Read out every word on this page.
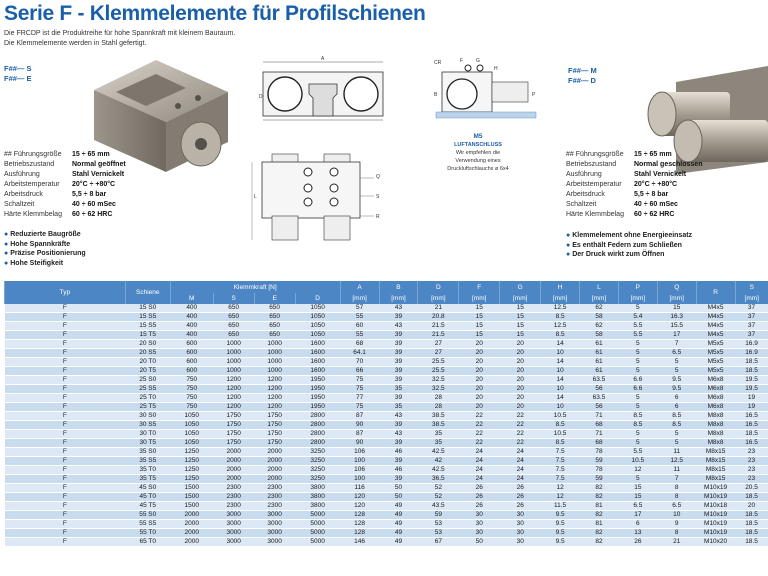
Serie F - Klemmelemente für Profilschienen
Die FRCDP ist die Produktreihe für hohe Spannkraft mit kleinem Bauraum.
Die Klemmelemente werden in Stahl gefertigt.
F##— S
F##— E
## Führungsgröße	15 ÷ 65 mm
Betriebszustand	Normal geöffnet
Ausführung	Stahl Vernickelt
Arbeitstemperatur	20°C ÷ +80°C
Arbeitsdruck	5,5 ÷ 8 bar
Schaltzeit	40 ÷ 60 mSec
Härte Klemmbelag	60 ÷ 62 HRC
● Reduzierte Baugröße
● Hohe Spannkräfte
● Präzise Positionierung
● Hohe Steifigkeit
A
D
L
Q
S
R
CR	F	G
H
B	P
M5
LUFTANSCHLUSS
Wir empfehlen die
Verwendung eines
Druckluftschlauchs ø 6x4
F##— M
F##— D
## Führungsgröße	15 ÷ 65 mm
Betriebszustand	Normal geschlossen
Ausführung	Stahl Vernickelt
Arbeitstemperatur	20°C ÷ +80°C
Arbeitsdruck	5,5 ÷ 8 bar
Schaltzeit	40 ÷ 60 mSec
Härte Klemmbelag	60 ÷ 62 HRC
● Klemmelement ohne Energieeinsatz
● Es enthält Federn zum Schließen
● Der Druck wirkt zum Öffnen
Typ	Schiene	Klemmkraft [N]				A	B	D	F	G	H	L	P	Q	R	S
		M	S	E	D	[mm]	[mm]	[mm]	[mm]	[mm]	[mm]	[mm]	[mm]	[mm]		[mm]
F	15 S0	400	650	650	1050	57	43	21	15	15	12.5	62	5	15	M4x5	37
F	15 S5	400	650	650	1050	55	39	20.8	15	15	8.5	58	5.4	16.3	M4x5	37
F	15 S5	400	650	650	1050	60	43	21.5	15	15	12.5	62	5.5	15.5	M4x5	37
F	15 T5	400	650	650	1050	55	39	21.5	15	15	8.5	58	5.5	17	M4x5	37
F	20 S0	600	1000	1000	1600	68	39	27	20	20	14	61	5	7	M5x5	16.9
F	20 S5	600	1000	1000	1600	64.1	39	27	20	20	10	61	5	6.5	M5x5	16.9
F	20 T0	600	1000	1000	1600	70	39	25.5	20	20	14	61	5	5	M5x5	18.5
F	20 T5	600	1000	1000	1600	66	39	25.5	20	20	10	61	5	5	M5x5	18.5
F	25 S0	750	1200	1200	1950	75	39	32.5	20	20	14	63.5	6.6	9.5	M6x8	19.5
F	25 S5	750	1200	1200	1950	75	35	32.5	20	20	10	56	6.6	9.5	M6x8	19.5
F	25 T0	750	1200	1200	1950	77	39	28	20	20	14	63.5	5	6	M6x8	19
F	25 T5	750	1200	1200	1950	75	35	28	20	20	10	56	5	6	M6x8	19
F	30 S0	1050	1750	1750	2800	87	43	38.5	22	22	10.5	71	8.5	8.5	M8x8	16.5
F	30 S5	1050	1750	1750	2800	90	39	38.5	22	22	8.5	68	8.5	8.5	M8x8	16.5
F	30 T0	1050	1750	1750	2800	87	43	35	22	22	10.5	71	5	5	M8x8	18.5
F	30 T5	1050	1750	1750	2800	90	39	35	22	22	8.5	68	5	5	M8x8	16.5
F	35 S0	1250	2000	2000	3250	106	46	42.5	24	24	7.5	78	5.5	11	M8x15	23
F	35 S5	1250	2000	2000	3250	100	39	42	24	24	7.5	59	10.5	12.5	M8x15	23
F	35 T0	1250	2000	2000	3250	106	46	42.5	24	24	7.5	78	12	11	M8x15	23
F	35 T5	1250	2000	2000	3250	100	39	36.5	24	24	7.5	59	5	7	M8x15	23
F	45 S0	1500	2300	2300	3800	116	50	52	26	26	12	82	15	8	M10x19	20.5
F	45 T0	1500	2300	2300	3800	120	50	52	26	26	12	82	15	8	M10x19	18.5
F	45 T5	1500	2300	2300	3800	120	49	43.5	26	26	11.5	81	6.5	6.5	M10x18	20
F	55 S0	2000	3000	3000	5000	128	49	59	30	30	9.5	82	17	10	M10x19	18.5
F	55 S5	2000	3000	3000	5000	128	49	53	30	30	9.5	81	6	9	M10x19	18.5
F	55 T0	2000	3000	3000	5000	128	49	53	30	30	9.5	82	13	8	M10x19	18.5
F	65 T0	2000	3000	3000	5000	146	49	67	50	30	9.5	82	26	21	M10x20	18.5
